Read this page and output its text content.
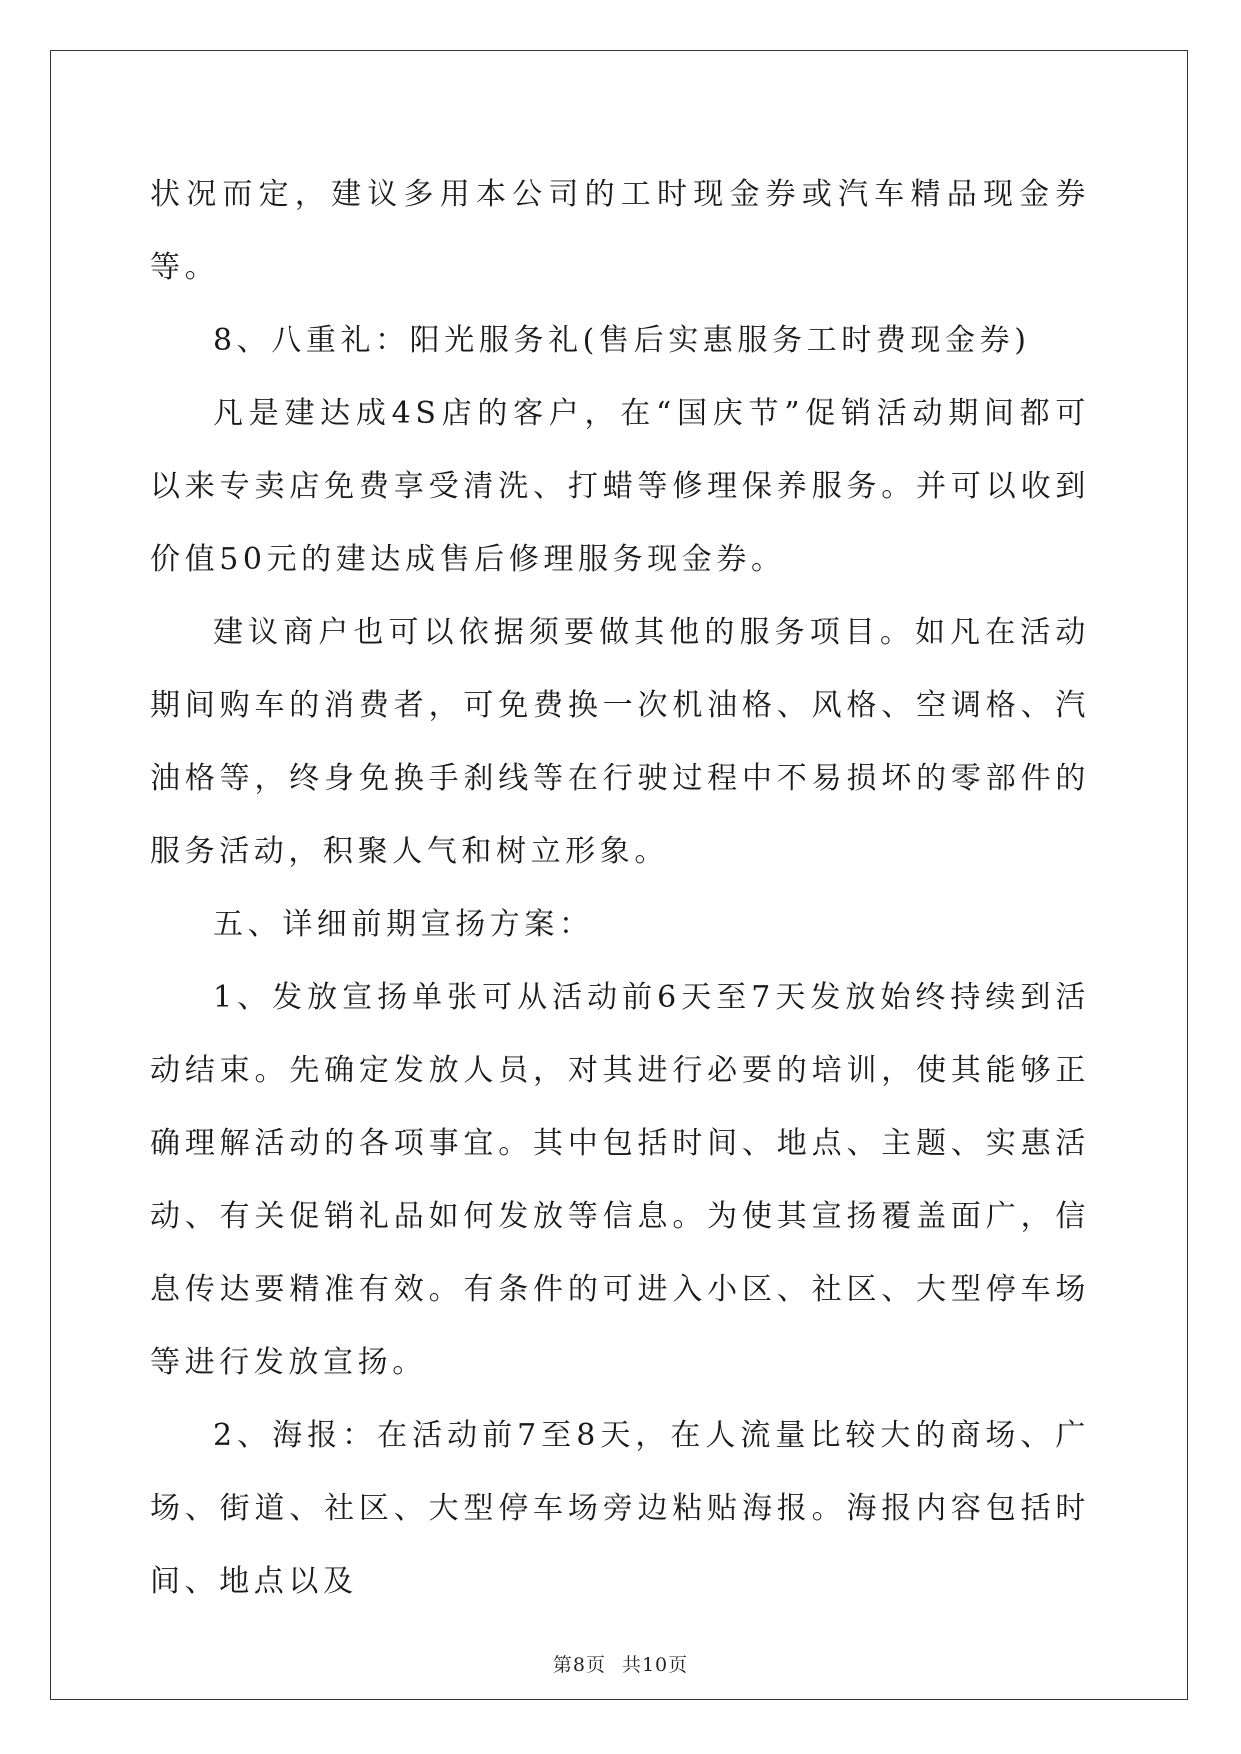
状况而定，建议多用本公司的工时现金券或汽车精品现金券等。

8、八重礼：阳光服务礼(售后实惠服务工时费现金券)

凡是建达成4S店的客户，在“国庆节”促销活动期间都可以来专卖店免费享受清洗、打蜡等修理保养服务。并可以收到价值50元的建达成售后修理服务现金券。

建议商户也可以依据须要做其他的服务项目。如凡在活动期间购车的消费者，可免费换一次机油格、风格、空调格、汽油格等，终身免换手刹线等在行驶过程中不易损坏的零部件的服务活动，积聚人气和树立形象。

五、详细前期宣扬方案：

1、发放宣扬单张可从活动前6天至7天发放始终持续到活动结束。先确定发放人员，对其进行必要的培训，使其能够正确理解活动的各项事宜。其中包括时间、地点、主题、实惠活动、有关促销礼品如何发放等信息。为使其宣扬覆盖面广，信息传达要精准有效。有条件的可进入小区、社区、大型停车场等进行发放宣扬。

2、海报：在活动前7至8天，在人流量比较大的商场、广场、街道、社区、大型停车场旁边粘贴海报。海报内容包括时间、地点以及

第8页 共10页
